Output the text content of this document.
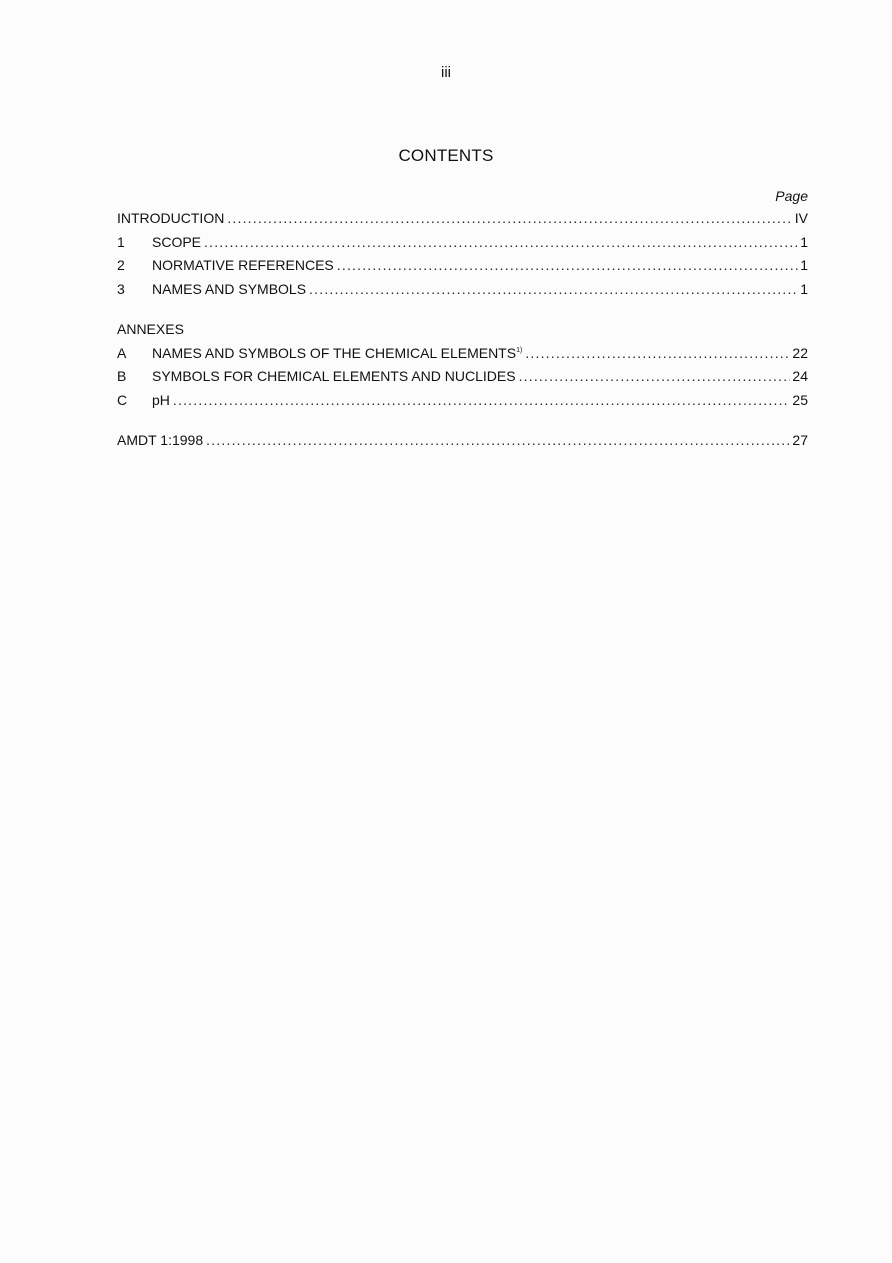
iii
CONTENTS
Page
INTRODUCTION .....	IV
1	SCOPE .....	1
2	NORMATIVE REFERENCES .....	1
3	NAMES AND SYMBOLS .....	1
ANNEXES
A	NAMES AND SYMBOLS OF THE CHEMICAL ELEMENTS$^{1)}$ .....	22
B	SYMBOLS FOR CHEMICAL ELEMENTS AND NUCLIDES .....	24
C	pH .....	25
AMDT 1:1998 .....	27
